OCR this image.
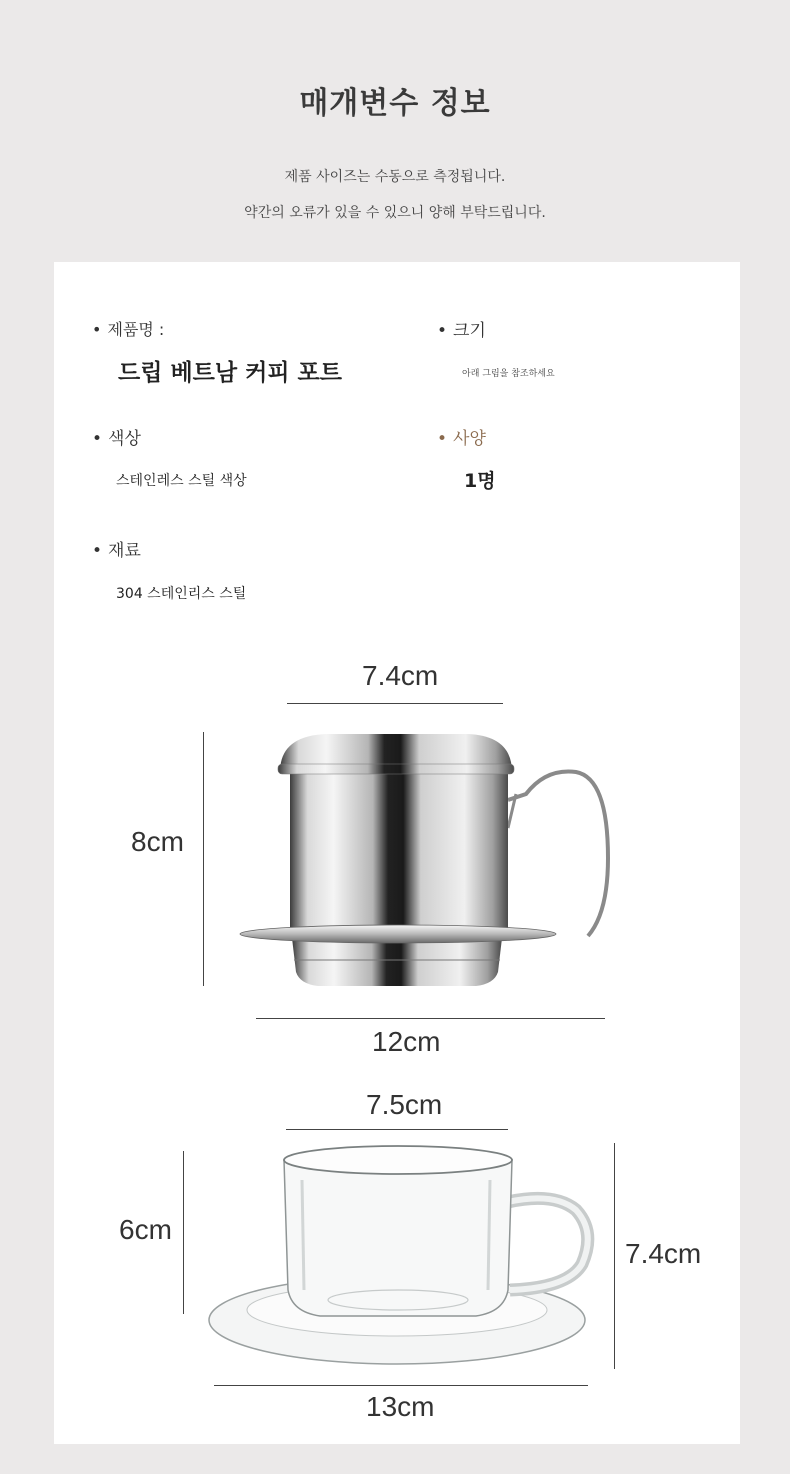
매개변수 정보
제품 사이즈는 수동으로 측정됩니다.
약간의 오류가 있을 수 있으니 양해 부탁드립니다.
• 제품명 :
드립 베트남 커피 포트
• 크기
아래 그림을 참조하세요
• 색상
스테인레스 스틸 색상
• 사양
1명
• 재료
304 스테인리스 스틸
7.4cm
8cm
12cm
7.5cm
6cm
7.4cm
13cm
